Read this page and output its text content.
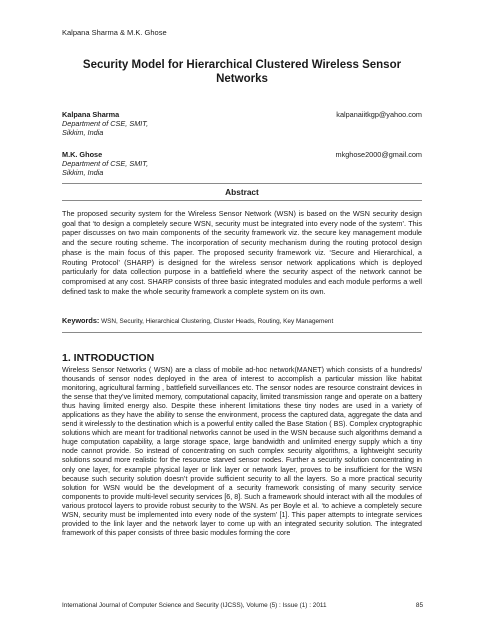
Kalpana Sharma & M.K. Ghose
Security Model for Hierarchical Clustered Wireless Sensor Networks
Kalpana Sharma
Department of CSE, SMIT,
Sikkim, India
kalpanaiitkgp@yahoo.com
M.K. Ghose
Department of CSE, SMIT,
Sikkim, India
mkghose2000@gmail.com
Abstract
The proposed security system for the Wireless Sensor Network (WSN) is based on the WSN security design goal that ‘to design a completely secure WSN, security must be integrated into every node of the system’. This paper discusses on two main components of the security framework viz. the secure key management module and the secure routing scheme. The incorporation of security mechanism during the routing protocol design phase is the main focus of this paper. The proposed security framework viz. ‘Secure and Hierarchical, a Routing Protocol’ (SHARP) is designed for the wireless sensor network applications which is deployed particularly for data collection purpose in a battlefield where the security aspect of the network cannot be compromised at any cost. SHARP consists of three basic integrated modules and each module performs a well defined task to make the whole security framework a complete system on its own.
Keywords: WSN, Security, Hierarchical Clustering, Cluster Heads, Routing, Key Management
1. INTRODUCTION
Wireless Sensor Networks ( WSN) are a class of mobile ad-hoc network(MANET) which consists of a hundreds/ thousands of sensor nodes deployed in the area of interest to accomplish a particular mission like habitat monitoring, agricultural farming , battlefield surveillances etc. The sensor nodes are resource constraint devices in the sense that they’ve limited memory, computational capacity, limited transmission range and operate on a battery thus having limited energy also. Despite these inherent limitations these tiny nodes are used in a variety of applications as they have the ability to sense the environment, process the captured data, aggregate the data and send it wirelessly to the destination which is a powerful entity called the Base Station ( BS). Complex cryptographic solutions which are meant for traditional networks cannot be used in the WSN because such algorithms demand a huge computation capability, a large storage space, large bandwidth and unlimited energy supply which a tiny node cannot provide. So instead of concentrating on such complex security algorithms, a lightweight security solutions sound more realistic for the resource starved sensor nodes. Further a security solution concentrating in only one layer, for example physical layer or link layer or network layer, proves to be insufficient for the WSN because such security solution doesn’t provide sufficient security to all the layers. So a more practical security solution for WSN would be the development of a security framework consisting of many security service components to provide multi-level security services [6, 8]. Such a framework should interact with all the modules of various protocol layers to provide robust security to the WSN. As per Boyle et al. ‘to achieve a completely secure WSN, security must be implemented into every node of the system’ [1]. This paper attempts to integrate services provided to the link layer and the network layer to come up with an integrated security solution. The integrated framework of this paper consists of three basic modules forming the core
International Journal of Computer Science and Security (IJCSS), Volume (5) : Issue (1) : 2011	85
